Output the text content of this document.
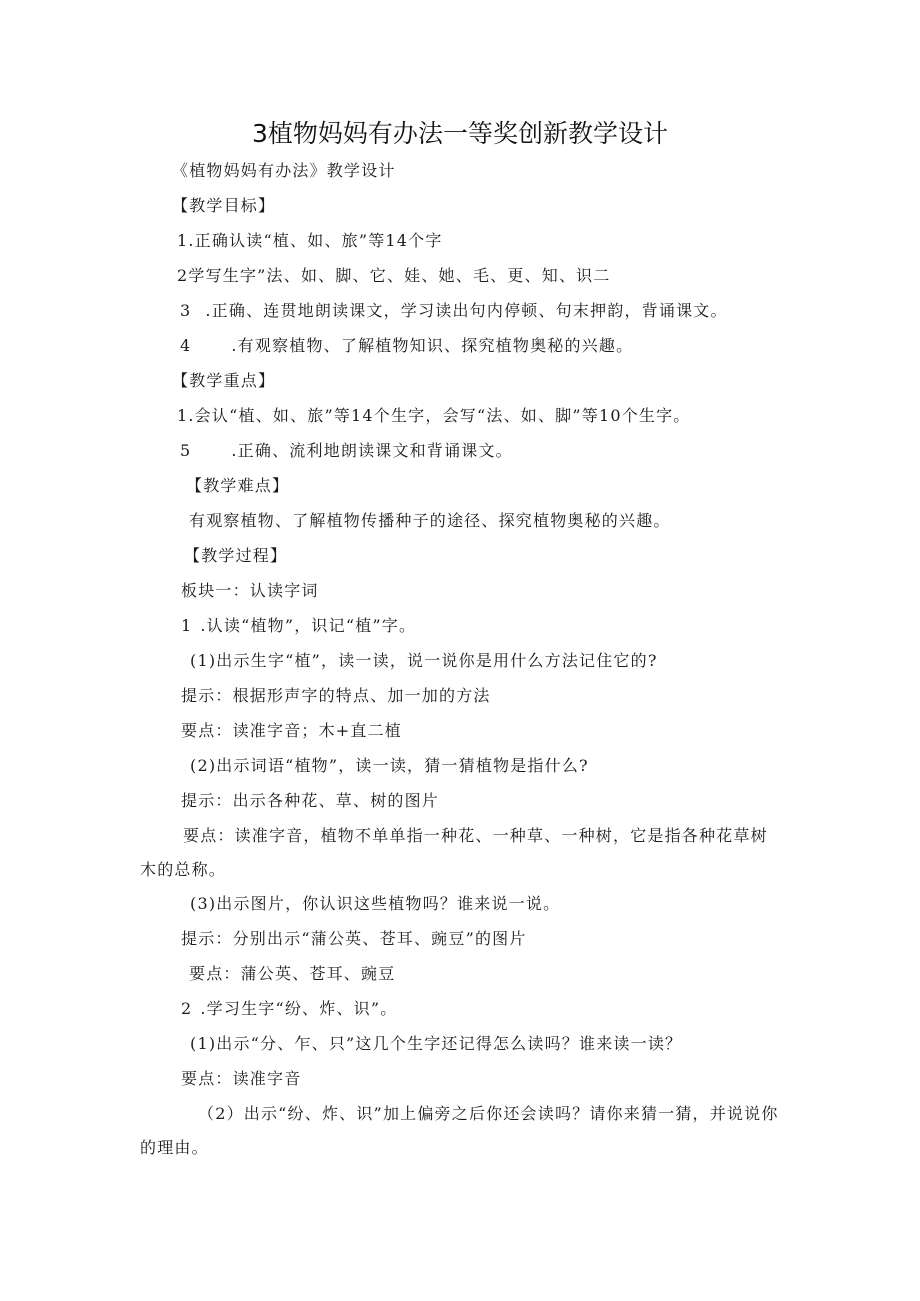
3植物妈妈有办法一等奖创新教学设计
《植物妈妈有办法》教学设计
【教学目标】
1.正确认读“植、如、旅”等14个字
2学写生字”法、如、脚、它、娃、她、毛、更、知、识二
3 .正确、连贯地朗读课文，学习读出句内停顿、句末押韵，背诵课文。
4	.有观察植物、了解植物知识、探究植物奥秘的兴趣。
【教学重点】
1.会认“植、如、旅”等14个生字，会写“法、如、脚”等10个生字。
5	.正确、流利地朗读课文和背诵课文。
【教学难点】
有观察植物、了解植物传播种子的途径、探究植物奥秘的兴趣。
【教学过程】
板块一：认读字词
1 .认读“植物”，识记“植”字。
(1)出示生字“植”，读一读，说一说你是用什么方法记住它的?
提示：根据形声字的特点、加一加的方法
要点：读准字音；木+直二植
(2)出示词语“植物”，读一读，猜一猜植物是指什么?
提示：出示各种花、草、树的图片
要点：读准字音，植物不单单指一种花、一种草、一种树，它是指各种花草树木的总称。
(3)出示图片，你认识这些植物吗？谁来说一说。
提示：分别出示“蒲公英、苍耳、豌豆”的图片
要点：蒲公英、苍耳、豌豆
2 .学习生字“纷、炸、识”。
(1)出示“分、乍、只”这几个生字还记得怎么读吗？谁来读一读？
要点：读准字音
（2）出示“纷、炸、识”加上偏旁之后你还会读吗？请你来猜一猜，并说说你的理由。
